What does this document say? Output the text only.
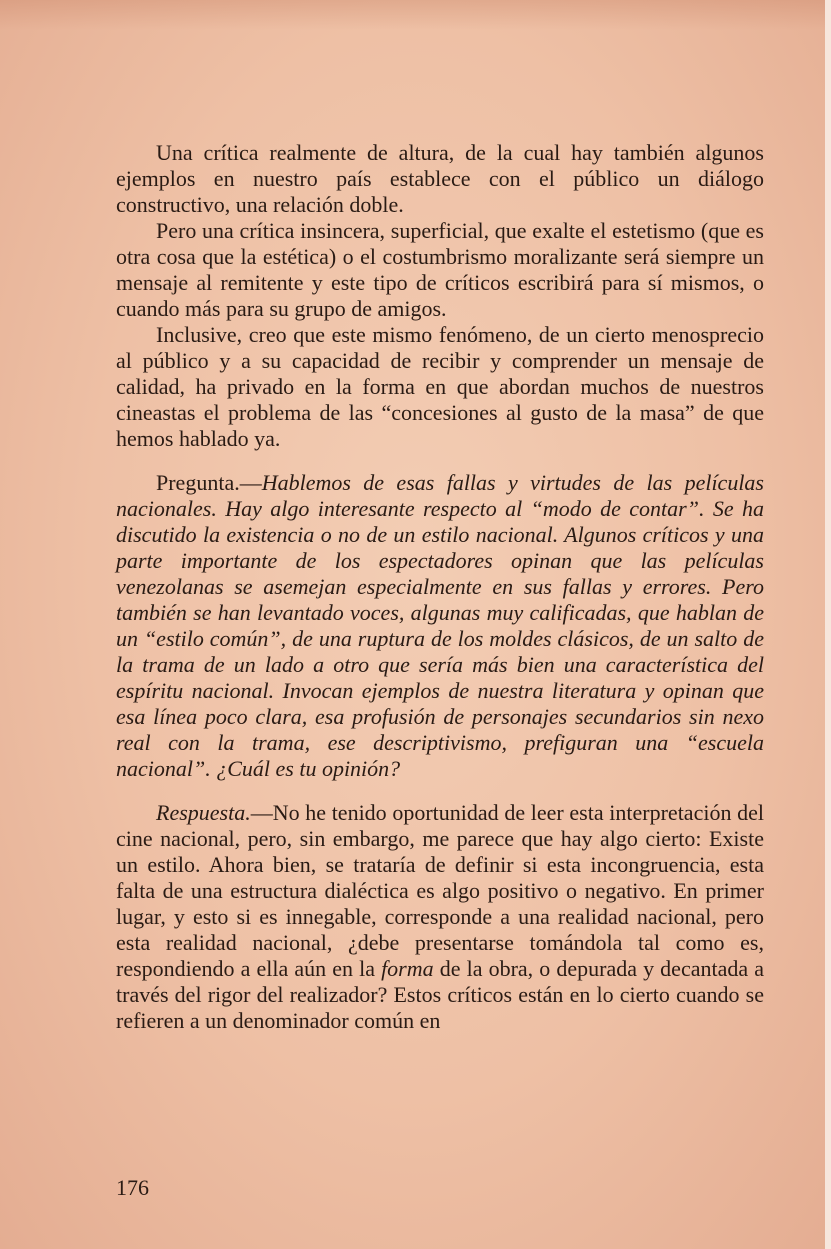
Una crítica realmente de altura, de la cual hay también algunos ejemplos en nuestro país establece con el público un diálogo constructivo, una relación doble.

Pero una crítica insincera, superficial, que exalte el estetismo (que es otra cosa que la estética) o el costumbrismo moralizante será siempre un mensaje al remitente y este tipo de críticos escribirá para sí mismos, o cuando más para su grupo de amigos.

Inclusive, creo que este mismo fenómeno, de un cierto menosprecio al público y a su capacidad de recibir y comprender un mensaje de calidad, ha privado en la forma en que abordan muchos de nuestros cineastas el problema de las “concesiones al gusto de la masa” de que hemos hablado ya.

Pregunta.—Hablemos de esas fallas y virtudes de las películas nacionales. Hay algo interesante respecto al “modo de contar”. Se ha discutido la existencia o no de un estilo nacional. Algunos críticos y una parte importante de los espectadores opinan que las películas venezolanas se asemejan especialmente en sus fallas y errores. Pero también se han levantado voces, algunas muy calificadas, que hablan de un “estilo común”, de una ruptura de los moldes clásicos, de un salto de la trama de un lado a otro que sería más bien una característica del espíritu nacional. Invocan ejemplos de nuestra literatura y opinan que esa línea poco clara, esa profusión de personajes secundarios sin nexo real con la trama, ese descriptivismo, prefiguran una “escuela nacional”. ¿Cuál es tu opinión?

Respuesta.—No he tenido oportunidad de leer esta interpretación del cine nacional, pero, sin embargo, me parece que hay algo cierto: Existe un estilo. Ahora bien, se trataría de definir si esta incongruencia, esta falta de una estructura dialéctica es algo positivo o negativo. En primer lugar, y esto si es innegable, corresponde a una realidad nacional, pero esta realidad nacional, ¿debe presentarse tomándola tal como es, respondiendo a ella aún en la forma de la obra, o depurada y decantada a través del rigor del realizador? Estos críticos están en lo cierto cuando se refieren a un denominador común en

176
